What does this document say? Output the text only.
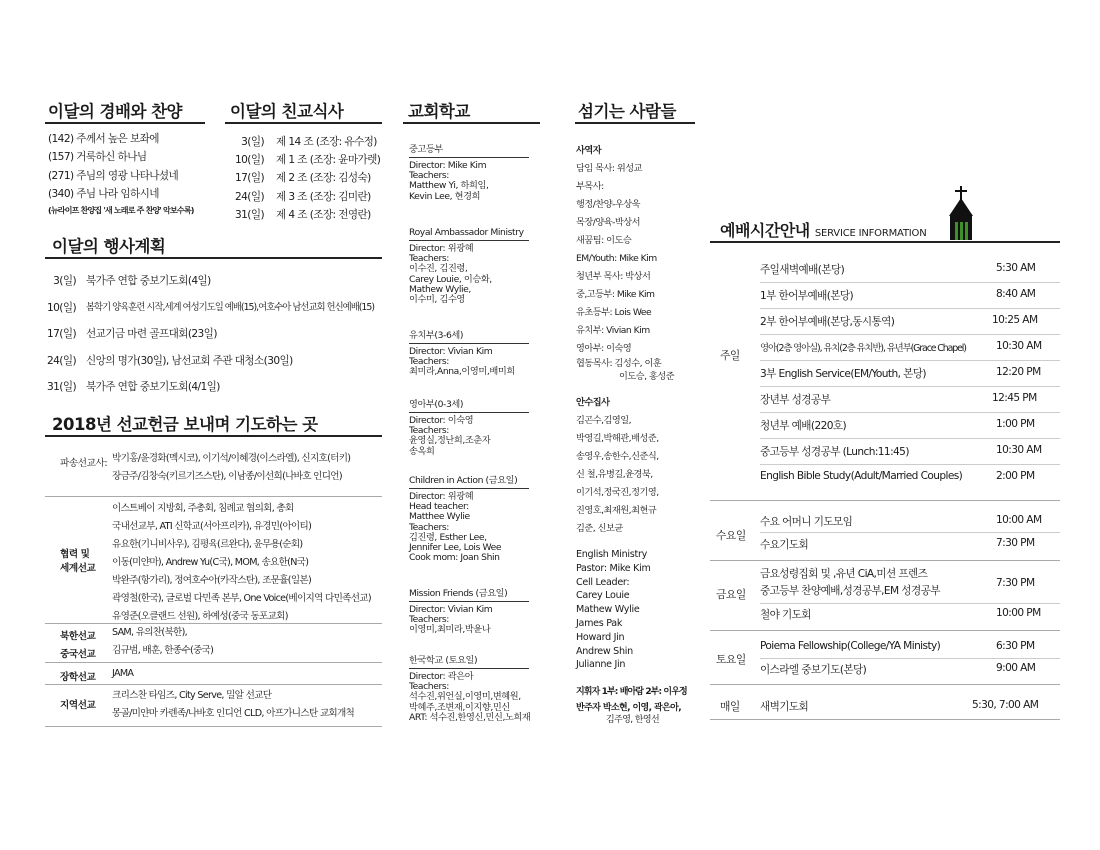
이달의 경배와 찬양
(142) 주께서 높은 보좌에
(157) 거룩하신 하나님
(271) 주님의 영광 나타나셨네
(340) 주님 나라 임하시네
(뉴라이프 찬양집 '새 노래로 주 찬양' 악보수록)
이달의 친교식사
3(일) 제 14 조 (조장: 유수정)
10(일) 제 1 조 (조장: 윤마가렛)
17(일) 제 2 조 (조장: 김성숙)
24(일) 제 3 조 (조장: 김미란)
31(일) 제 4 조 (조장: 전영란)
이달의 행사계획
3(일) 북가주 연합 중보기도회(4일)
10(일) 봄학기 양육훈련 시작,세계 여성기도일 예배(15),여호수아 남선교회 헌신예배(15)
17(일) 선교기금 마련 골프대회(23일)
24(일) 신앙의 명가(30일), 남선교회 주관 대청소(30일)
31(일) 북가주 연합 중보기도회(4/1일)
2018년 선교헌금 보내며 기도하는 곳
파송선교사: 박기홍/윤경화(멕시코), 이기석/이혜경(이스라엘), 신지호(터키)
장금주/김창숙(키르기즈스탄), 이남종/이선희(나바호 인디언)
협력 및
세계선교
이스트베이 지방회, 주총회, 침례교 협의회, 총회
국내선교부, ATI 신학교(서아프리카), 유경민(아이티)
유요한(기니비사우), 김평육(르완다), 윤무용(순회)
이동(미얀마), Andrew Yu(C국), MOM, 송요한(N국)
박완주(항가리), 정여호수아(카작스탄), 조문휼(일본)
곽영철(한국), 글로벌 다민족 본부, One Voice(베이지역 다민족선교)
유영준(오클랜드 선원), 하예성(중국 동포교회)
북한선교 SAM, 유의찬(북한),
중국선교 김규범, 배훈, 한종수(중국)
장학선교 JAMA
지역선교
크리스찬 타임즈, City Serve, 밀알 선교단
몽골/미얀마 카렌족/나바호 인디언 CLD, 아프가니스탄 교회개척
교회학교
중고등부
Director: Mike Kim
Teachers:
Matthew Yi, 하희임,
Kevin Lee, 현경희
Royal Ambassador Ministry
Director: 위광혜
Teachers:
이수진, 김진령,
Carey Louie, 이승화,
Mathew Wylie,
이수미, 김수영
유치부(3-6세)
Director: Vivian Kim
Teachers:
최미라,Anna,이영미,배미희
영아부(0-3세)
Director: 이숙영
Teachers:
윤영실,정난희,조춘자
송옥희
Children in Action (금요일)
Director: 위광혜
Head teacher:
Matthee Wylie
Teachers:
김진령, Esther Lee,
Jennifer Lee, Lois Wee
Cook mom: Joan Shin
Mission Friends (금요일)
Director: Vivian Kim
Teachers:
이영미,최미라,박윤나
한국학교 (토요일)
Director: 곽은아
Teachers:
석수진,위언실,이영미,변혜원,
박혜주,조변재,이지향,민신
ART: 석수진,한영신,민신,노희재
섬기는 사람들
사역자
담임 목사: 위성교
부목사:
행정/찬양-우상욱
목장/양육-박상서
새꿈팀: 이도승
EM/Youth: Mike Kim
청년부 목사: 박상서
중,고등부: Mike Kim
유초등부: Lois Wee
유치부: Vivian Kim
영아부: 이숙영
협동목사: 김성수, 이훈
이도승, 홍성준
안수집사
김곤수,김영일,
박영길,박해관,배성준,
송영우,송한수,신준식,
신 철,유병길,윤경북,
이기석,정국진,정기영,
진영호,최재원,최현규
김준, 신보균
English Ministry
Pastor: Mike Kim
Cell Leader:
Carey Louie
Mathew Wylie
James Pak
Howard Jin
Andrew Shin
Julianne Jin
지휘자 1부: 배아람 2부: 이우정
반주자 박소현, 이영, 곽은아,
김주영, 한영선
예배시간안내 SERVICE INFORMATION
주일
주일새벽예배(본당)	5:30 AM
1부 한어부예배(본당)	8:40 AM
2부 한어부예배(본당,동시통역)	10:25 AM
영아(2층 영아실), 유치(2층 유치반), 유년부(Grace Chapel)	10:30 AM
3부 English Service(EM/Youth, 본당)	12:20 PM
장년부 성경공부	12:45 PM
청년부 예배(220호)	1:00 PM
중고등부 성경공부 (Lunch:11:45)	10:30 AM
English Bible Study(Adult/Married Couples)	2:00 PM
수요일
수요 어머니 기도모임	10:00 AM
수요기도회	7:30 PM
금요일
금요성령집회 및 ,유년 CiA,미션 프렌즈
중고등부 찬양예배,성경공부,EM 성경공부
7:30 PM
철야 기도회	10:00 PM
토요일
Poiema Fellowship(College/YA Ministy)	6:30 PM
이스라엘 중보기도(본당)	9:00 AM
매일 새벽기도회	5:30, 7:00 AM
